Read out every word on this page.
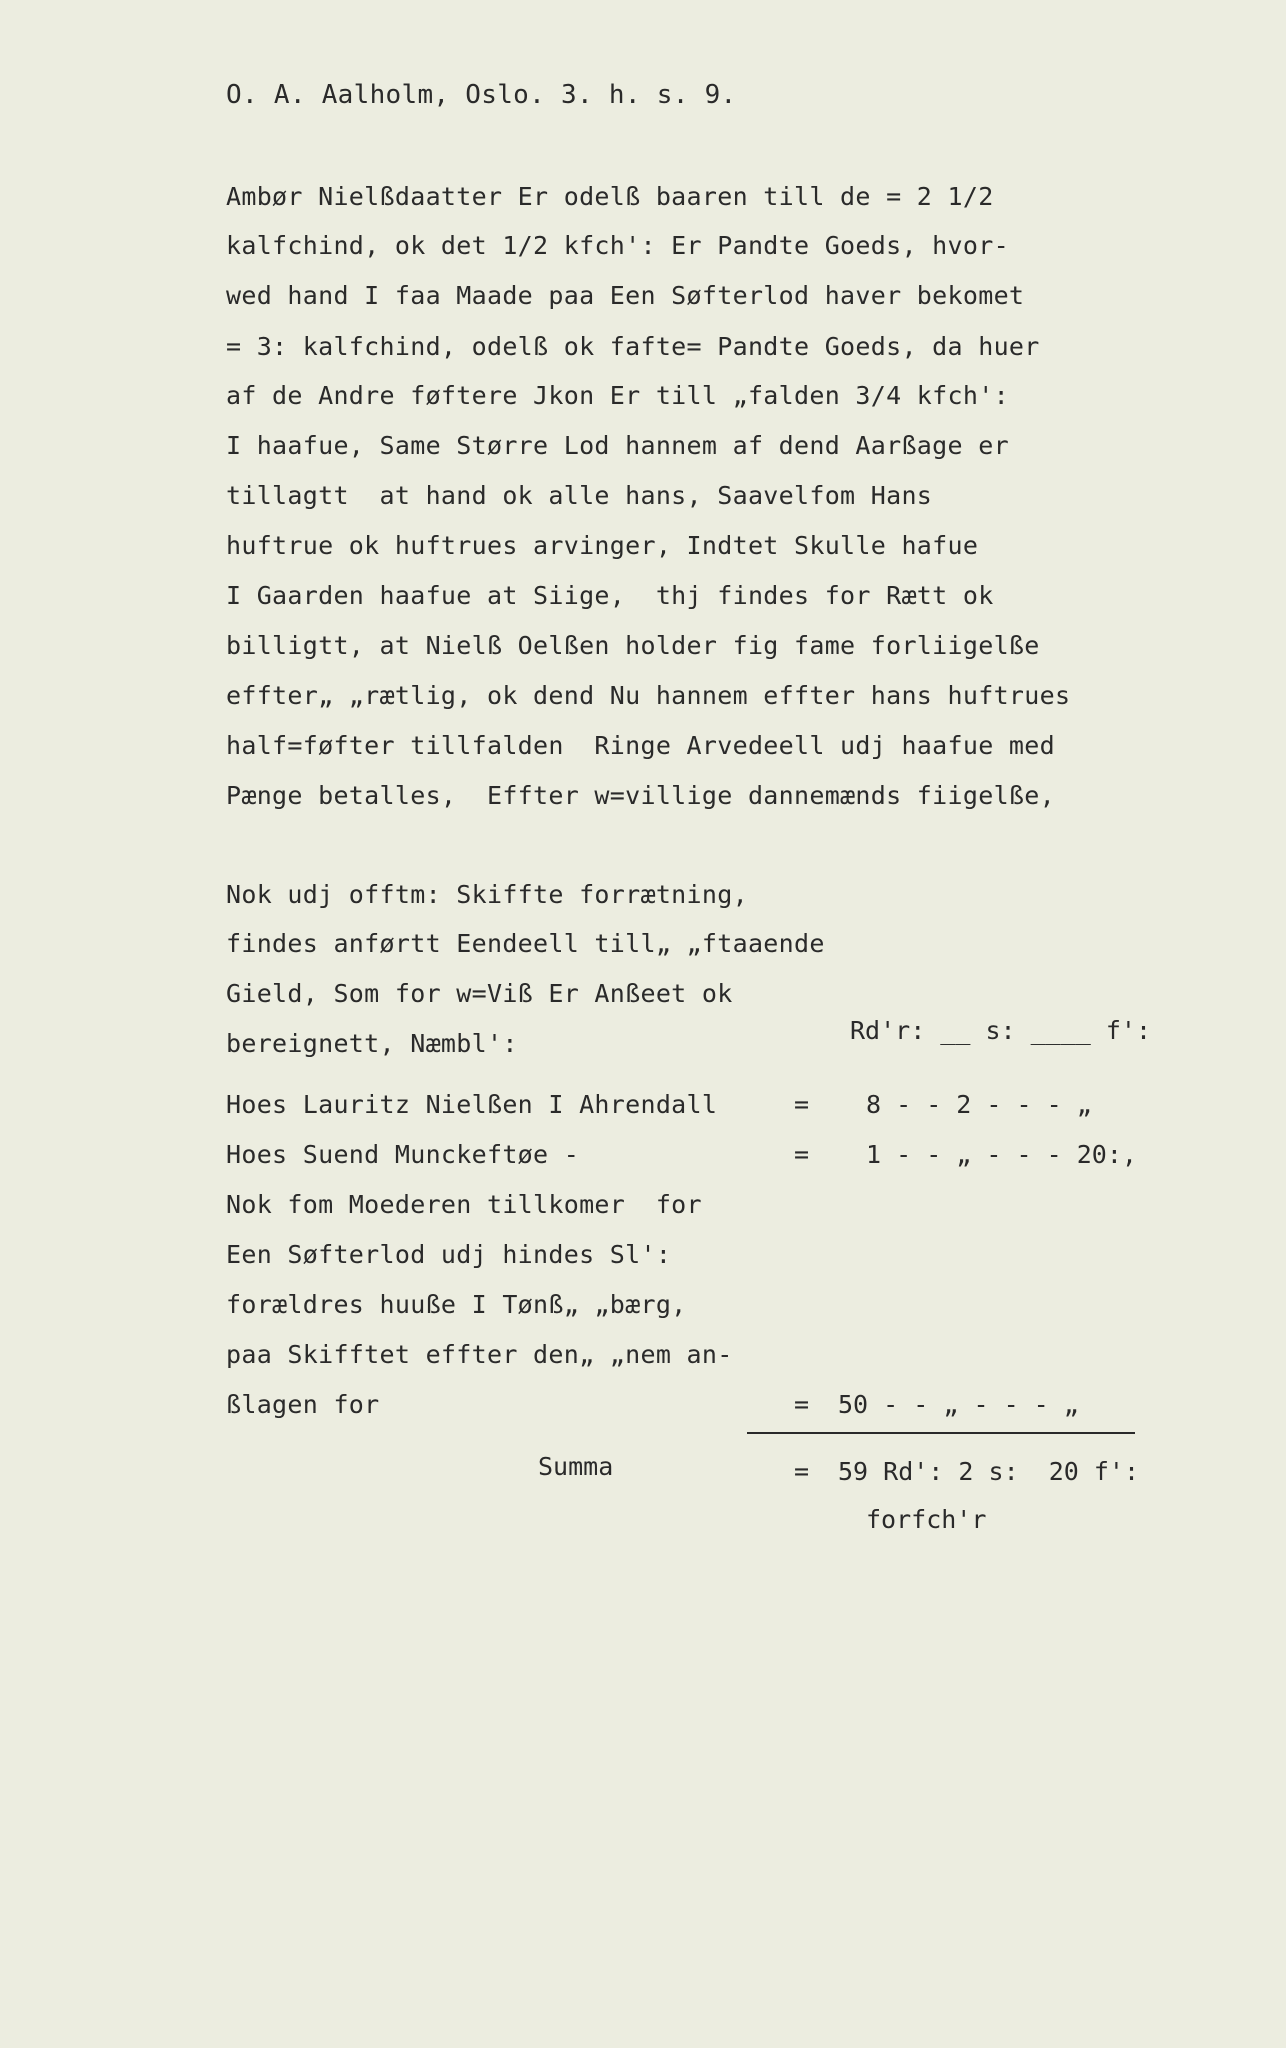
O. A. Aalholm, Oslo. 3. h. s. 9.
Ambør Nielßdaatter Er odelß baaren till de = 2 1/2
kalfchind, ok det 1/2 kfch': Er Pandte Goeds, hvor-
wed hand I faa Maade paa Een Søfterlod haver bekomet
= 3: kalfchind, odelß ok fafte= Pandte Goeds, da huer
af de Andre føftere Jkon Er till „falden 3/4 kfch':
I haafue, Same Større Lod hannem af dend Aarßage er
tillagtt  at hand ok alle hans, Saavelfom Hans
huftrue ok huftrues arvinger, Indtet Skulle hafue
I Gaarden haafue at Siige,  thj findes for Rætt ok
billigtt, at Nielß Oelßen holder fig fame forliigelße
effter„ „rætlig, ok dend Nu hannem effter hans huftrues
half=føfter tillfalden  Ringe Arvedeell udj haafue med
Pænge betalles,  Effter w=villige dannemænds fiigelße,
Nok udj offtm: Skiffte forrætning,
findes anførtt Eendeell till„ „ftaaende
Gield, Som for w=Viß Er Anßeet ok
bereignett, Næmbl':	Rd'r: __ s: ____ f':
Hoes Lauritz Nielßen I Ahrendall	= 8 - - 2 - - - „
Hoes Suend Munckeftøe -	= 1 - - „ - - - 20:,
Nok fom Moederen tillkomer  for
Een Søfterlod udj hindes Sl':
forældres huuße I Tønß„ „bærg,
paa Skifftet effter den„ „nem an-
ßlagen for	= 50 - - „ - - - „
Summa	= 59 Rd': 2 s:  20 f':
forfch'r
